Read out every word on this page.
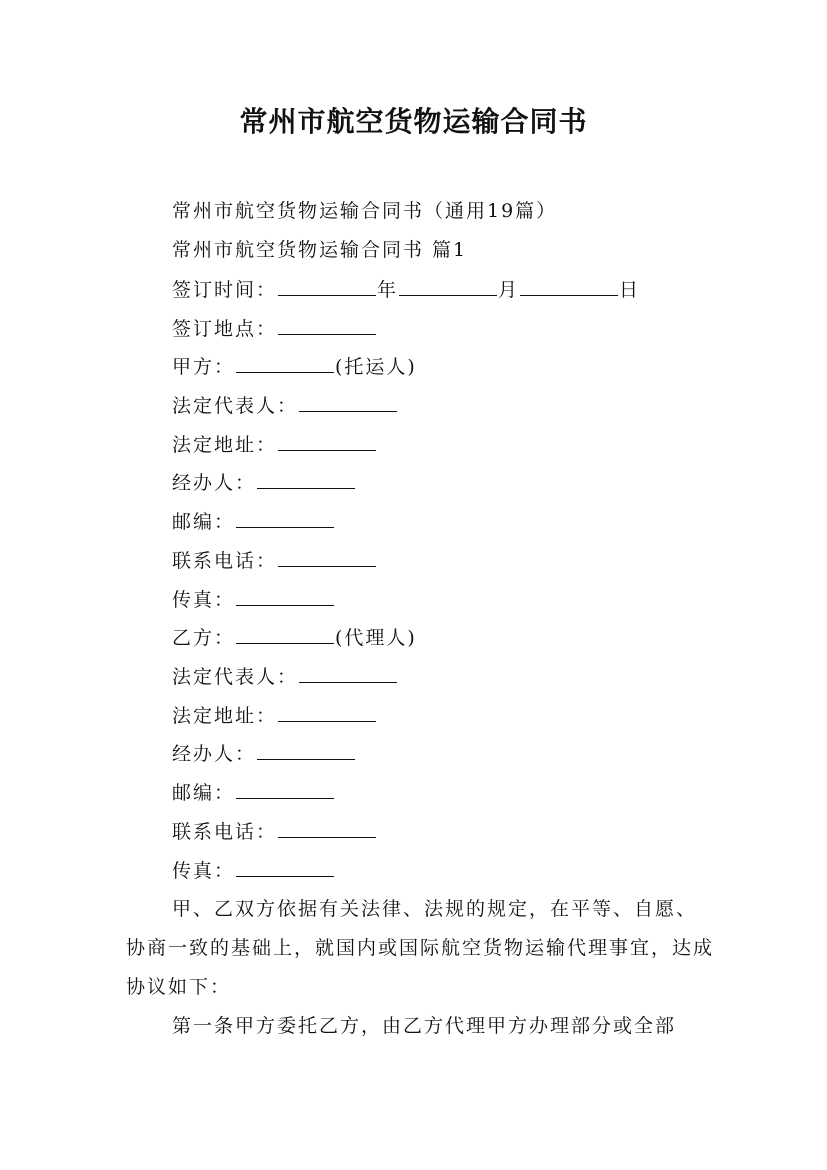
常州市航空货物运输合同书
常州市航空货物运输合同书（通用19篇）
常州市航空货物运输合同书 篇1
签订时间：	年	月	日
签订地点：
甲方：	(托运人)
法定代表人：
法定地址：
经办人：
邮编：
联系电话：
传真：
乙方：	(代理人)
法定代表人：
法定地址：
经办人：
邮编：
联系电话：
传真：

甲、乙双方依据有关法律、法规的规定，在平等、自愿、协商一致的基础上，就国内或国际航空货物运输代理事宜，达成协议如下：

第一条甲方委托乙方，由乙方代理甲方办理部分或全部
